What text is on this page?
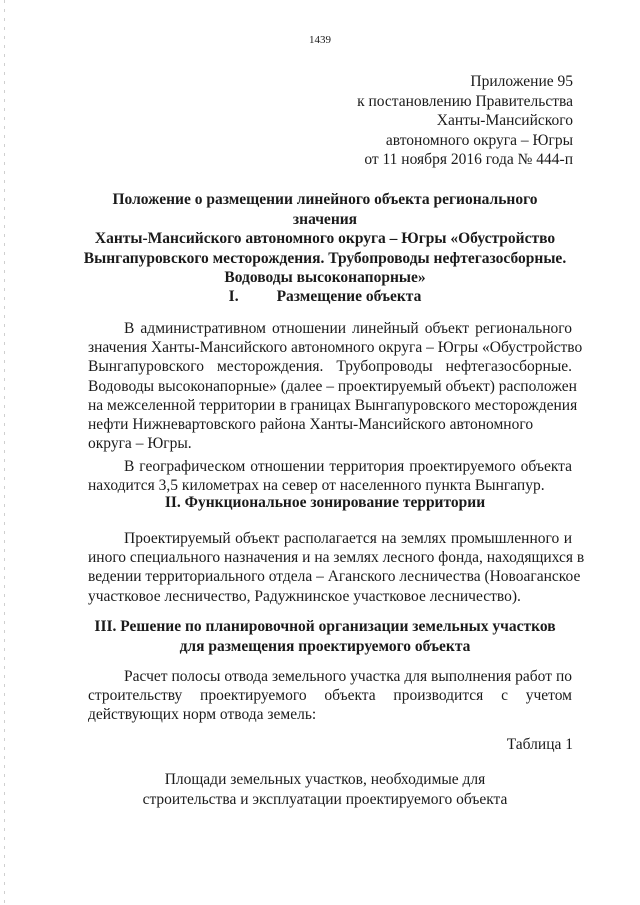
1439
Приложение 95
к постановлению Правительства
Ханты-Мансийского
автономного округа – Югры
от 11 ноября 2016 года № 444-п
Положение о размещении линейного объекта регионального значения
Ханты-Мансийского автономного округа – Югры «Обустройство
Вынгапуровского месторождения. Трубопроводы нефтегазосборные.
Водоводы высоконапорные»
I. Размещение объекта
В административном отношении линейный объект регионального
значения Ханты-Мансийского автономного округа – Югры «Обустройство
Вынгапуровского месторождения. Трубопроводы нефтегазосборные.
Водоводы высоконапорные» (далее – проектируемый объект) расположен
на межселенной территории в границах Вынгапуровского месторождения
нефти Нижневартовского района Ханты-Мансийского автономного
округа – Югры.
В географическом отношении территория проектируемого объекта
находится 3,5 километрах на север от населенного пункта Вынгапур.
II. Функциональное зонирование территории
Проектируемый объект располагается на землях промышленного и
иного специального назначения и на землях лесного фонда, находящихся в
ведении территориального отдела – Аганского лесничества (Новоаганское
участковое лесничество, Радужнинское участковое лесничество).
III. Решение по планировочной организации земельных участков
для размещения проектируемого объекта
Расчет полосы отвода земельного участка для выполнения работ по
строительству проектируемого объекта производится с учетом
действующих норм отвода земель:
Таблица 1
Площади земельных участков, необходимые для
строительства и эксплуатации проектируемого объекта
